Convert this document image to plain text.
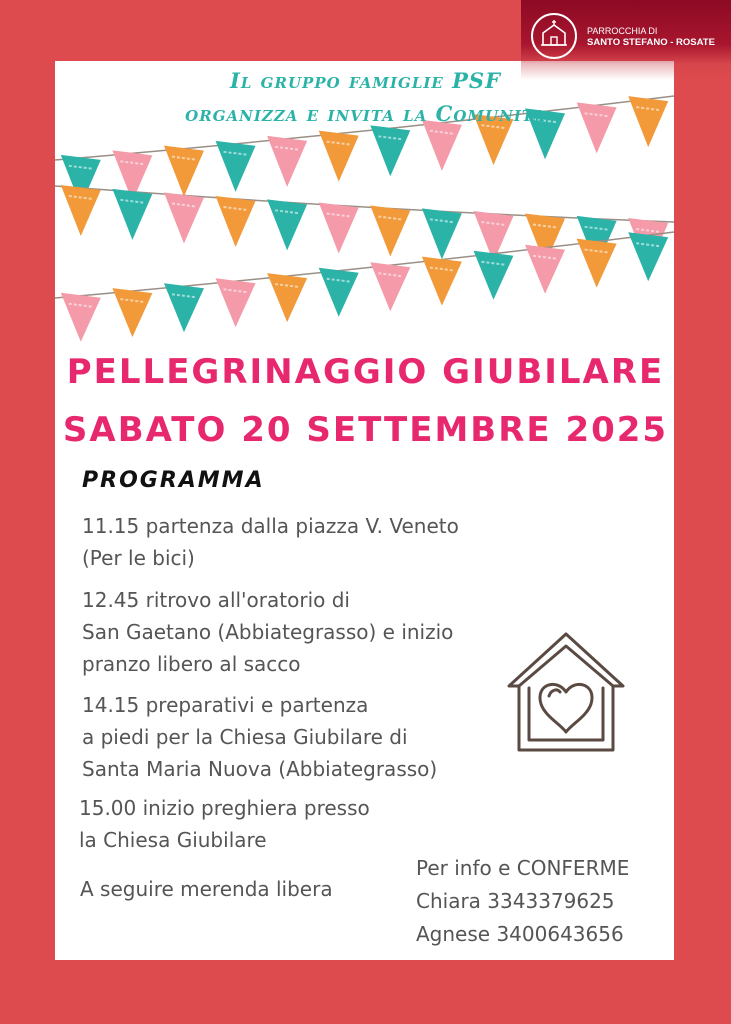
PARROCCHIA DI
SANTO STEFANO - ROSATE
Il gruppo famiglie PSF
organizza e invita la Comunita
PELLEGRINAGGIO GIUBILARE
SABATO 20 SETTEMBRE 2025
PROGRAMMA
11.15 partenza dalla piazza V. Veneto
(Per le bici)
12.45 ritrovo all'oratorio di
San Gaetano (Abbiategrasso) e inizio
pranzo libero al sacco
14.15 preparativi e partenza
a piedi per la Chiesa Giubilare di
Santa Maria Nuova (Abbiategrasso)
15.00 inizio preghiera presso
la Chiesa Giubilare
A seguire merenda libera
Per info e CONFERME
Chiara 3343379625
Agnese 3400643656
